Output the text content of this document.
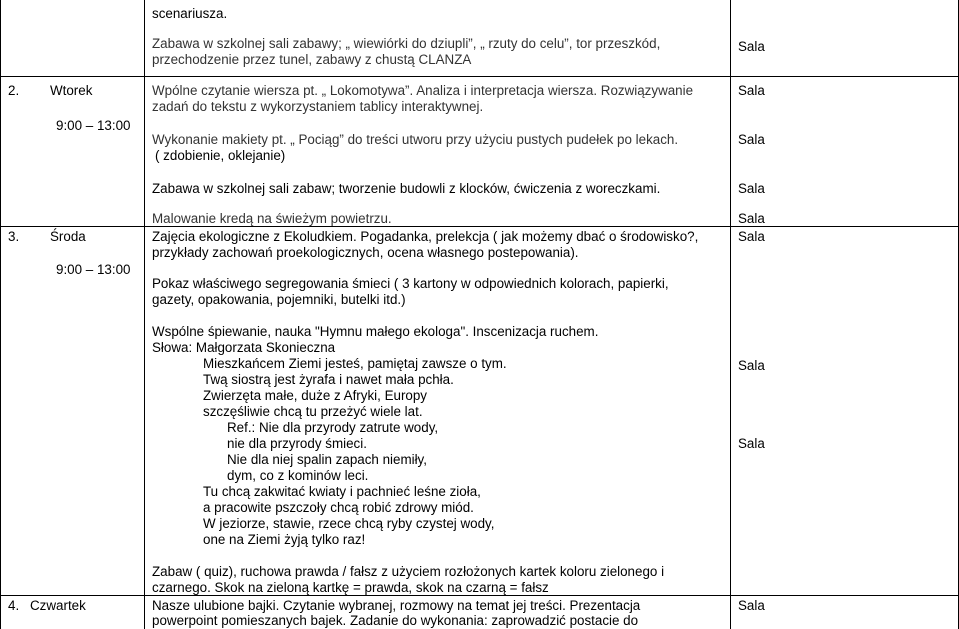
scenariusza.
Zabawa w szkolnej sali zabawy; „ wiewiórki do dziupli”, „ rzuty do celu”, tor przeszkód,
przechodzenie przez tunel, zabawy z chustą CLANZA
Sala
2. Wtorek
9:00 – 13:00
Wpólne czytanie wiersza pt. „ Lokomotywa”. Analiza i interpretacja wiersza. Rozwiązywanie
zadań do tekstu z wykorzystaniem tablicy interaktywnej.
Wykonanie makiety pt. „ Pociąg” do treści utworu przy użyciu pustych pudełek po lekach.
( zdobienie, oklejanie)
Zabawa w szkolnej sali zabaw; tworzenie budowli z klocków, ćwiczenia z woreczkami.
Malowanie kredą na świeżym powietrzu.
Sala
Sala
Sala
Sala
3. Środa
9:00 – 13:00
Zajęcia ekologiczne z Ekoludkiem. Pogadanka, prelekcja ( jak możemy dbać o środowisko?,
przykłady zachowań proekologicznych, ocena własnego postepowania).
Pokaz właściwego segregowania śmieci ( 3 kartony w odpowiednich kolorach, papierki,
gazety, opakowania, pojemniki, butelki itd.)
Wspólne śpiewanie, nauka "Hymnu małego ekologa". Inscenizacja ruchem.
Słowa: Małgorzata Skonieczna
Mieszkańcem Ziemi jesteś, pamiętaj zawsze o tym.
Twą siostrą jest żyrafa i nawet mała pchła.
Zwierzęta małe, duże z Afryki, Europy
szczęśliwie chcą tu przeżyć wiele lat.
Ref.: Nie dla przyrody zatrute wody,
nie dla przyrody śmieci.
Nie dla niej spalin zapach niemiły,
dym, co z kominów leci.
Tu chcą zakwitać kwiaty i pachnieć leśne zioła,
a pracowite pszczoły chcą robić zdrowy miód.
W jeziorze, stawie, rzece chcą ryby czystej wody,
one na Ziemi żyją tylko raz!
Zabaw ( quiz), ruchowa prawda / fałsz z użyciem rozłożonych kartek koloru zielonego i
czarnego. Skok na zieloną kartkę = prawda, skok na czarną = fałsz
Sala
Sala
Sala
4. Czwartek	Nasze ulubione bajki. Czytanie wybranej, rozmowy na temat jej treści. Prezentacja
powerpoint pomieszanych bajek. Zadanie do wykonania: zaprowadzić postacie do
Sala
